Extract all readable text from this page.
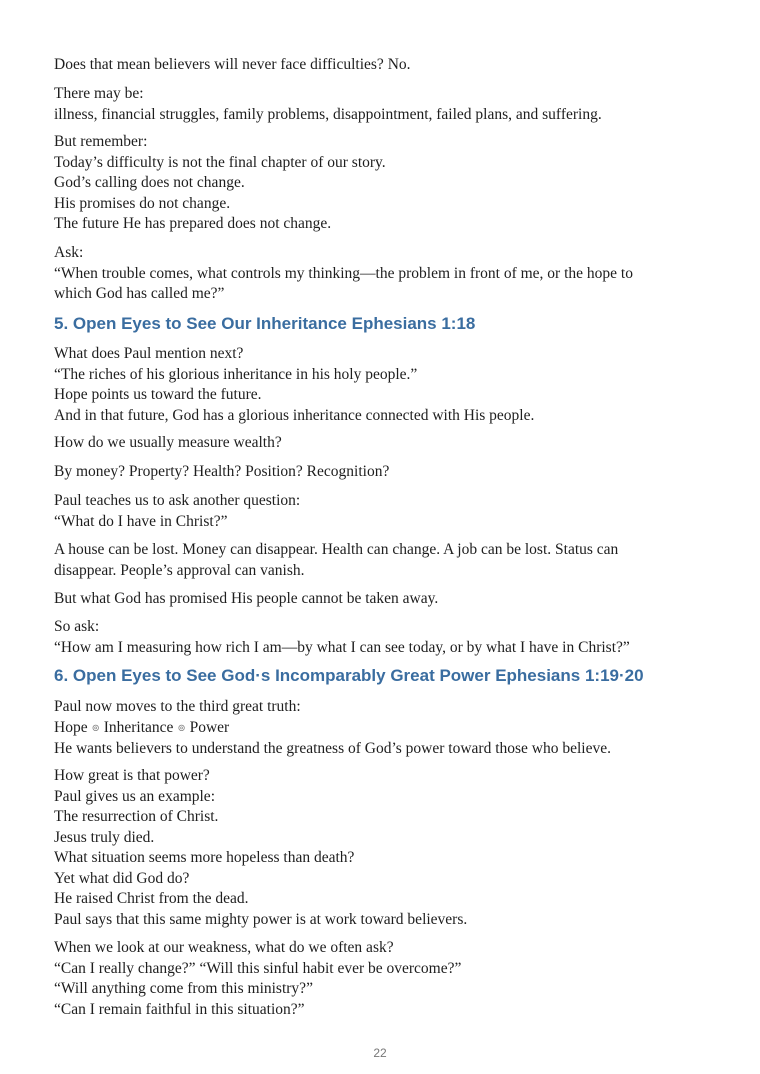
Does that mean believers will never face difficulties? No.
There may be:
illness, financial struggles, family problems, disappointment, failed plans, and suffering.
But remember:
Today’s difficulty is not the final chapter of our story.
God’s calling does not change.
His promises do not change.
The future He has prepared does not change.
Ask:
“When trouble comes, what controls my thinking—the problem in front of me, or the hope to
which God has called me?”
5. Open Eyes to See Our Inheritance Ephesians 1:18
What does Paul mention next?
“The riches of his glorious inheritance in his holy people.”
Hope points us toward the future.
And in that future, God has a glorious inheritance connected with His people.
How do we usually measure wealth?
By money? Property? Health? Position? Recognition?
Paul teaches us to ask another question:
“What do I have in Christ?”
A house can be lost. Money can disappear. Health can change. A job can be lost. Status can
disappear. People’s approval can vanish.
But what God has promised His people cannot be taken away.
So ask:
“How am I measuring how rich I am—by what I can see today, or by what I have in Christ?”
6. Open Eyes to See God·s Incomparably Great Power Ephesians 1:19·20
Paul now moves to the third great truth:
Hope ⊚ Inheritance ⊚ Power
He wants believers to understand the greatness of God’s power toward those who believe.
How great is that power?
Paul gives us an example:
The resurrection of Christ.
Jesus truly died.
What situation seems more hopeless than death?
Yet what did God do?
He raised Christ from the dead.
Paul says that this same mighty power is at work toward believers.
When we look at our weakness, what do we often ask?
“Can I really change?” “Will this sinful habit ever be overcome?”
“Will anything come from this ministry?”
“Can I remain faithful in this situation?”
22
